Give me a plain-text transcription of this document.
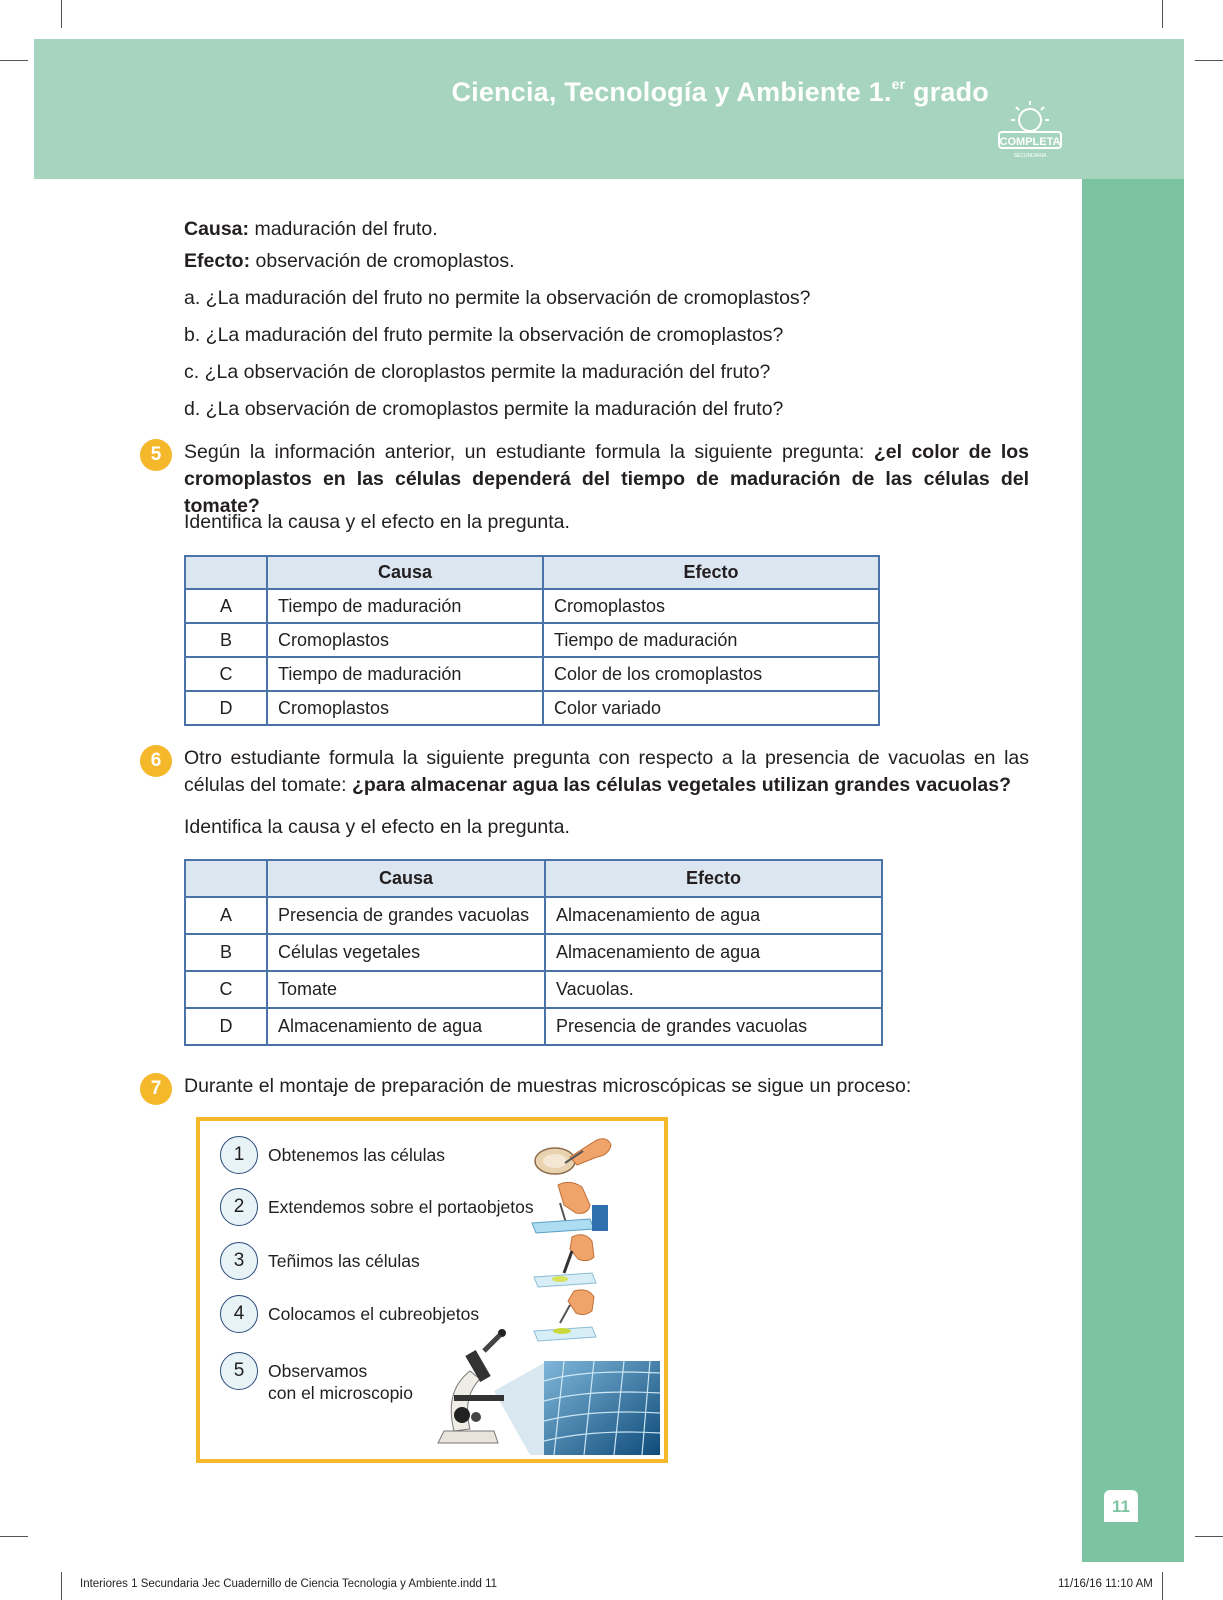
Ciencia, Tecnología y Ambiente 1.$^{er}$ grado
COMPLETA
SECUNDARIA
11
Causa: maduración del fruto.
Efecto: observación de cromoplastos.
a. ¿La maduración del fruto no permite la observación de cromoplastos?
b. ¿La maduración del fruto permite la observación de cromoplastos?
c. ¿La observación de cloroplastos permite la maduración del fruto?
d. ¿La observación de cromoplastos permite la maduración del fruto?
5	Según la información anterior, un estudiante formula la siguiente pregunta: ¿el color de los cromoplastos en las células dependerá del tiempo de maduración de las células del tomate?
Identifica la causa y el efecto en la pregunta.
	Causa	Efecto
A	Tiempo de maduración	Cromoplastos
B	Cromoplastos	Tiempo de maduración
C	Tiempo de maduración	Color de los cromoplastos
D	Cromoplastos	Color variado
6	Otro estudiante formula la siguiente pregunta con respecto a la presencia de vacuolas en las células del tomate: ¿para almacenar agua las células vegetales utilizan grandes vacuolas?
Identifica la causa y el efecto en la pregunta.
	Causa	Efecto
A	Presencia de grandes vacuolas	Almacenamiento de agua
B	Células vegetales	Almacenamiento de agua
C	Tomate	Vacuolas.
D	Almacenamiento de agua	Presencia de grandes vacuolas
7	Durante el montaje de preparación de muestras microscópicas se sigue un proceso:
1	Obtenemos las células
2	Extendemos sobre el portaobjetos
3	Teñimos las células
4	Colocamos el cubreobjetos
5	Observamos
con el microscopio
Interiores 1 Secundaria Jec Cuadernillo de Ciencia Tecnologia y Ambiente.indd 11	11/16/16 11:10 AM
